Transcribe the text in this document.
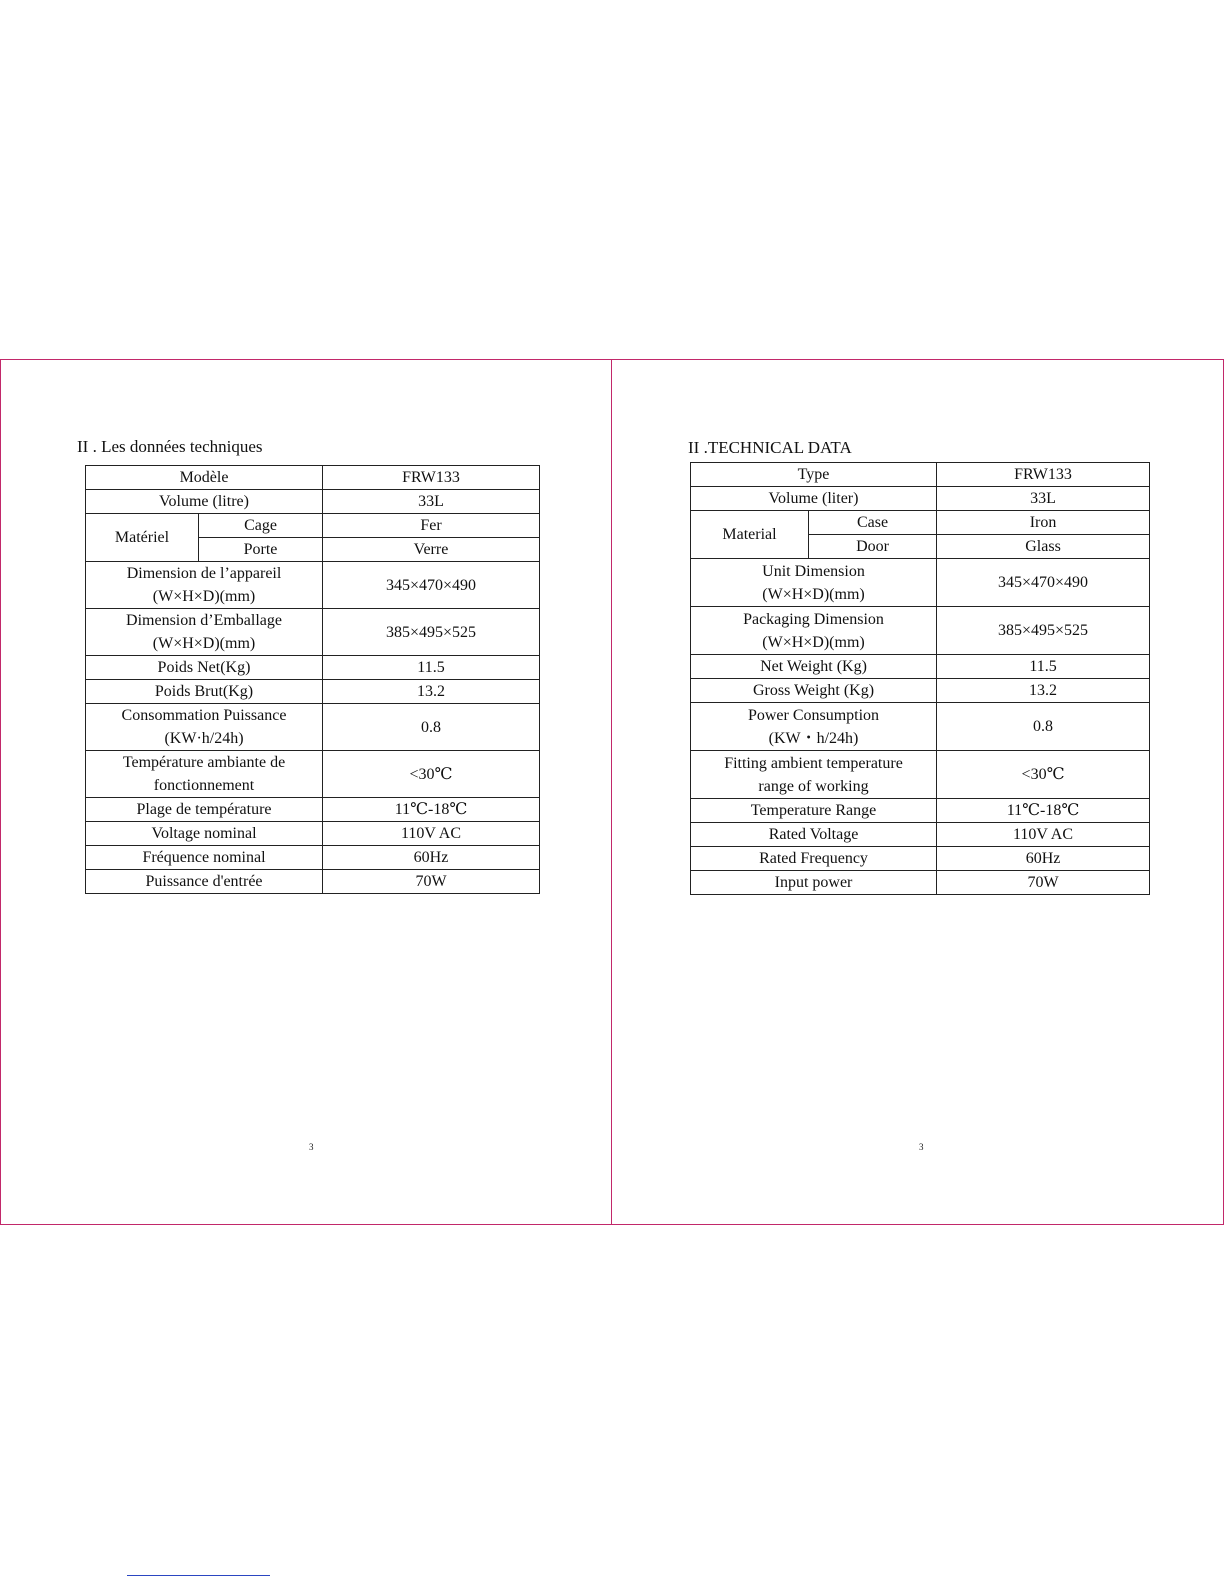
II . Les données techniques
Modèle		FRW133
Volume (litre)		33L
Matériel	Cage	Fer
	Porte	Verre

Dimension de l’appareil
(W×H×D)(mm)		345×470×490

Dimension d’Emballage
(W×H×D)(mm)		385×495×525
Poids Net(Kg)		11.5
Poids Brut(Kg)		13.2

Consommation Puissance
(KW·h/24h)		0.8

Température ambiante de
fonctionnement		<30℃
Plage de température		11℃-18℃
Voltage nominal		110V AC
Fréquence nominal		60Hz
Puissance d'entrée		70W
3
II .TECHNICAL DATA
Type		FRW133
Volume (liter)		33L
Material	Case	Iron
	Door	Glass

Unit Dimension
(W×H×D)(mm)		345×470×490

Packaging Dimension
(W×H×D)(mm)		385×495×525
Net Weight (Kg)		11.5
Gross Weight (Kg)		13.2

Power Consumption
(KW・h/24h)		0.8

Fitting ambient temperature
range of working		<30℃
Temperature Range		11℃-18℃
Rated Voltage		110V AC
Rated Frequency		60Hz
Input power		70W
3
